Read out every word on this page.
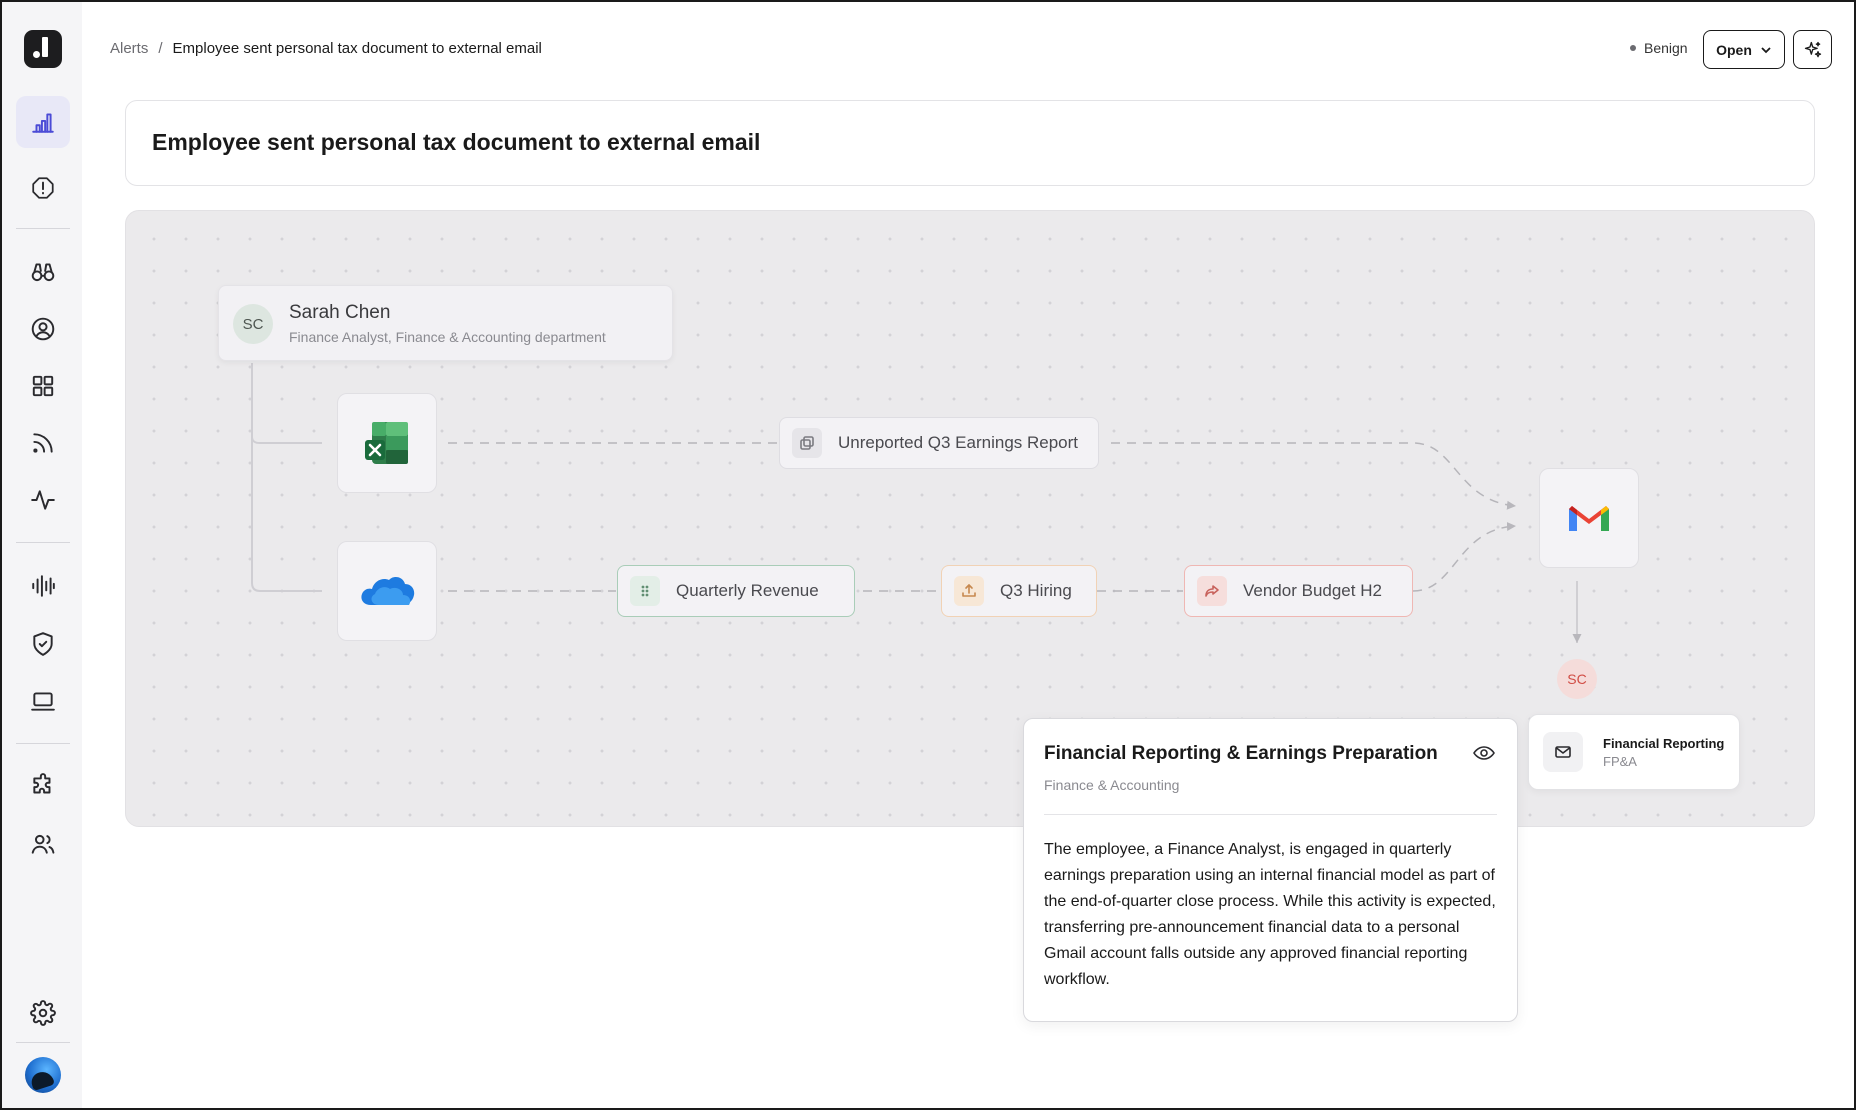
Alerts / Employee sent personal tax document to external email	Benign Open
Employee sent personal tax document to external email
SC
Sarah Chen
Finance Analyst, Finance & Accounting department
Unreported Q3 Earnings Report
Quarterly Revenue	Q3 Hiring	Vendor Budget H2
SC
Financial Reporting
FP&A
Financial Reporting & Earnings Preparation
Finance & Accounting
The employee, a Finance Analyst, is engaged in quarterly earnings preparation using an internal financial model as part of the end-of-quarter close process. While this activity is expected, transferring pre-announcement financial data to a personal Gmail account falls outside any approved financial reporting workflow.
